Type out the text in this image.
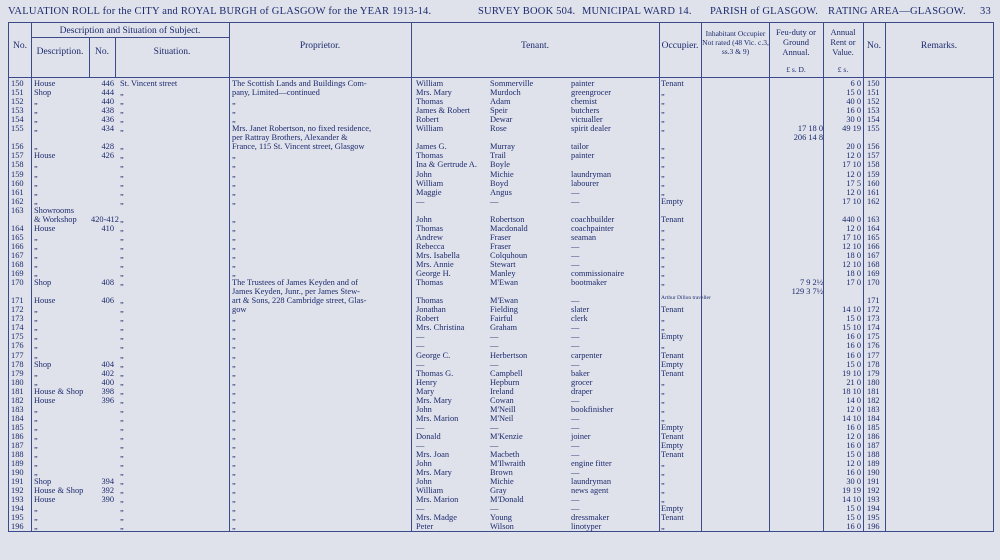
VALUATION ROLL for the CITY and ROYAL BURGH of GLASGOW for the YEAR 1913-14.	SURVEY BOOK 504. MUNICIPAL WARD 14. PARISH of GLASGOW. RATING AREA—GLASGOW. 33
No.
Description and Situation of Subject.
Description.	No.	Situation.
Proprietor.	Tenant.	Occupier.
Inhabitant Occupier Not rated (48 Vic. c.3, ss.3 & 9)
Feu-duty or Ground Annual.
£ s. D.
Annual Rent or Value.
£ s.
No.	Remarks.
150	House	446 St. Vincent street	The Scottish Lands and Buildings Com-	William	Sommerville	painter	Tenant	6 0 150
151	Shop	444 „	pany, Limited—continued	Mrs. Mary	Murdoch	greengrocer	„	15 0 151
152	„	440 „	„	Thomas	Adam	chemist	„	40 0 152
153	„	438 „	„	James & Robert	Speir	butchers	„	16 0 153
154	„	436 „	„	Robert	Dewar	victualler	„	30 0 154
155	„	434 „	Mrs. Janet Robertson, no fixed residence,	William	Rose	spirit dealer	„	17 18 0	49 19 155
per Rattray Brothers, Alexander &	206 14 8
156	„	428 „	France, 115 St. Vincent street, Glasgow	James G.	Murray	tailor	„	20 0 156
157	House	426 „	„	Thomas	Trail	painter	„	12 0 157
158	„	„	„	Ina & Gertrude A.	Boyle	„	17 10 158
159	„	„	„	John	Michie	laundryman	„	12 0 159
160	„	„	„	William	Boyd	labourer	„	17 5 160
161	„	„	„	Maggie	Angus	—	„	12 0 161
162	„	„	„	—	—	—	Empty	17 10 162
163	Showrooms
& Workshop	420-412 „	„	John	Robertson	coachbuilder	Tenant	440 0 163
164	House	410 „	„	Thomas	Macdonald	coachpainter	„	12 0 164
165	„	„	„	Andrew	Fraser	seaman	„	17 10 165
166	„	„	„	Rebecca	Fraser	—	„	12 10 166
167	„	„	„	Mrs. Isabella	Colquhoun	—	„	18 0 167
168	„	„	„	Mrs. Annie	Stewart	—	„	12 10 168
169	„	„	„	George H.	Manley	commissionaire	„	18 0 169
170	Shop	408 „	The Trustees of James Keyden and of	Thomas	M'Ewan	bootmaker	„	7 9 2½	17 0 170
James Keyden, Junr., per James Stew-	129 3 7½
171	House	406 „	art & Sons, 228 Cambridge street, Glas-	Thomas	M'Ewan	—	Arthur Dillon traveller	171
172	„	„	gow	Jonathan	Fielding	slater	Tenant	14 10 172
173	„	„	„	Robert	Fairful	clerk	„	15 0 173
174	„	„	„	Mrs. Christina	Graham	—	„	15 10 174
175	„	„	„	—	—	—	Empty	16 0 175
176	„	„	„	—	—	—	„	16 0 176
177	„	„	„	George C.	Herbertson	carpenter	Tenant	16 0 177
178	Shop	404 „	„	—	—	—	Empty	15 0 178
179	„	402 „	„	Thomas G.	Campbell	baker	Tenant	19 10 179
180	„	400 „	„	Henry	Hepburn	grocer	„	21 0 180
181	House & Shop	398 „	„	Mary	Ireland	draper	„	18 10 181
182	House	396 „	„	Mrs. Mary	Cowan	—	„	14 0 182
183	„	„	„	John	M'Neill	bookfinisher	„	12 0 183
184	„	„	„	Mrs. Marion	M'Neil	—	„	14 10 184
185	„	„	„	—	—	—	Empty	16 0 185
186	„	„	„	Donald	M'Kenzie	joiner	Tenant	12 0 186
187	„	„	„	—	—	—	Empty	16 0 187
188	„	„	„	Mrs. Joan	Macbeth	—	Tenant	15 0 188
189	„	„	„	John	M'Ilwraith	engine fitter	„	12 0 189
190	„	„	„	Mrs. Mary	Brown	—	„	16 0 190
191	Shop	394 „	„	John	Michie	laundryman	„	30 0 191
192	House & Shop	392 „	„	William	Gray	news agent	„	19 19 192
193	House	390 „	„	Mrs. Marion	M'Donald	—	„	14 10 193
194	„	„	„	—	—	—	Empty	15 0 194
195	„	„	„	Mrs. Madge	Young	dressmaker	Tenant	15 0 195
196	„	„	„	Peter	Wilson	linotyper	„	16 0 196
